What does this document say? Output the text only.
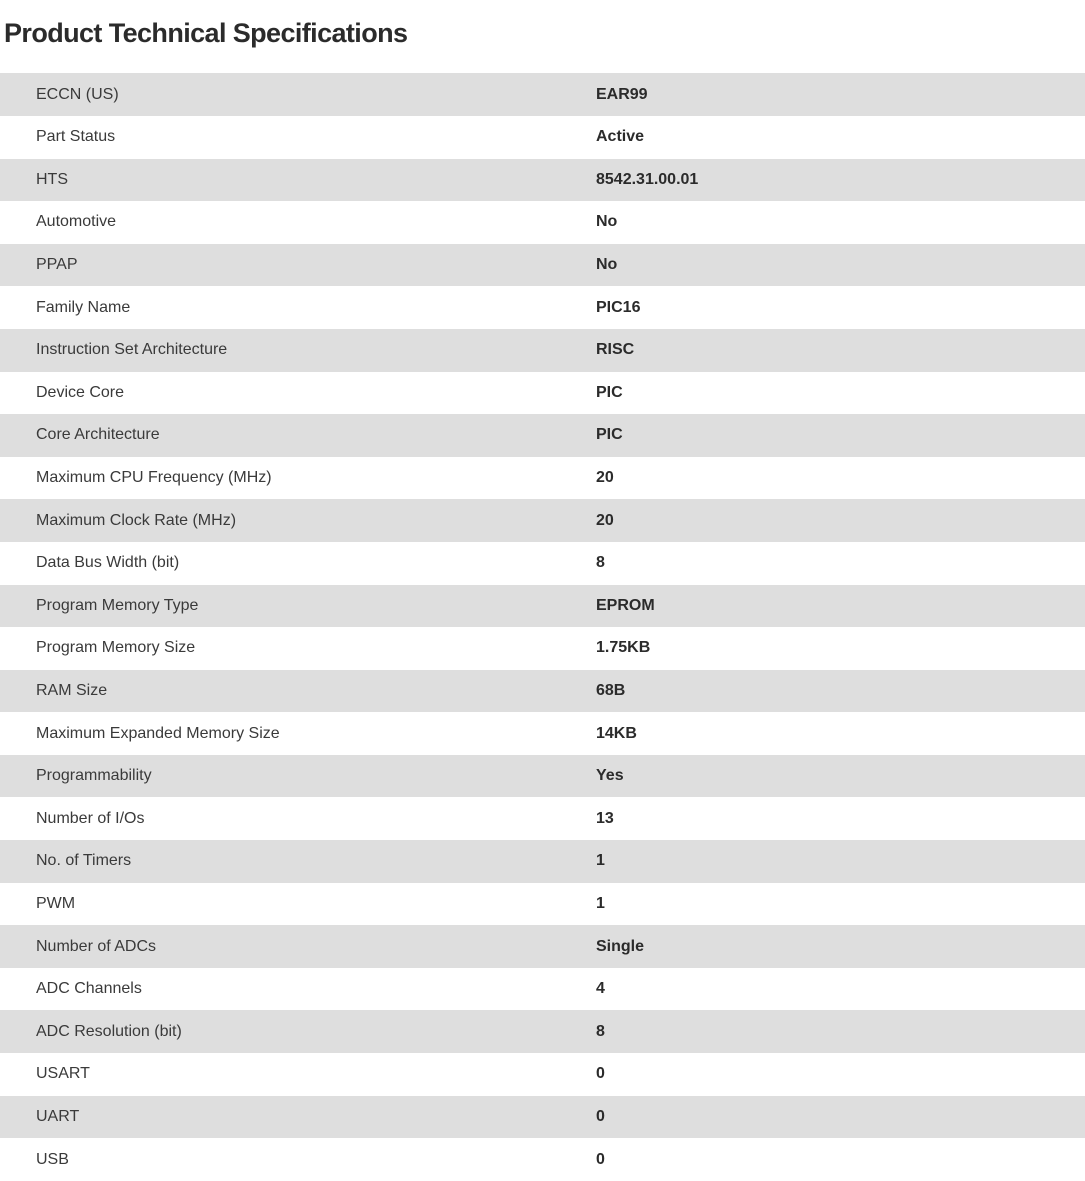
Product Technical Specifications
ECCN (US)	EAR99
Part Status	Active
HTS	8542.31.00.01
Automotive	No
PPAP	No
Family Name	PIC16
Instruction Set Architecture	RISC
Device Core	PIC
Core Architecture	PIC
Maximum CPU Frequency (MHz)	20
Maximum Clock Rate (MHz)	20
Data Bus Width (bit)	8
Program Memory Type	EPROM
Program Memory Size	1.75KB
RAM Size	68B
Maximum Expanded Memory Size	14KB
Programmability	Yes
Number of I/Os	13
No. of Timers	1
PWM	1
Number of ADCs	Single
ADC Channels	4
ADC Resolution (bit)	8
USART	0
UART	0
USB	0
